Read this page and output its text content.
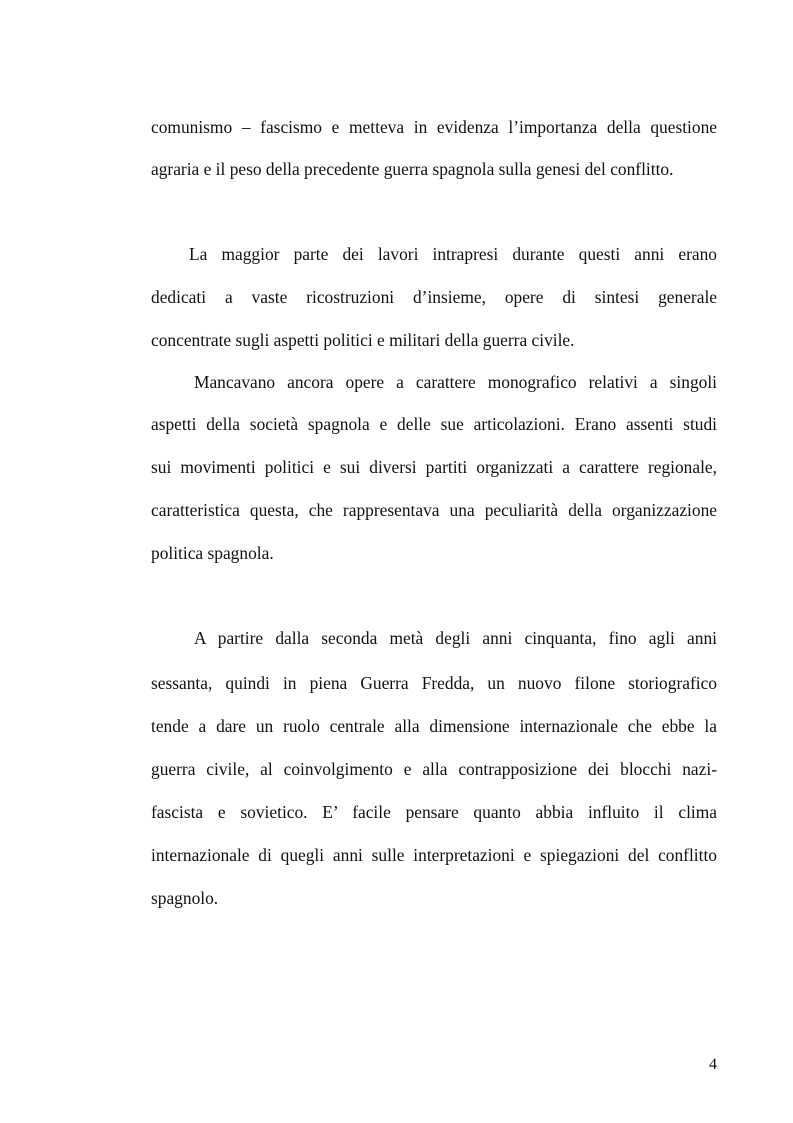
comunismo – fascismo e metteva in evidenza l’importanza della questione
agraria e il peso della precedente guerra spagnola sulla genesi del conflitto.
La maggior parte dei lavori intrapresi durante questi anni erano
dedicati a vaste ricostruzioni d’insieme, opere di sintesi generale
concentrate sugli aspetti politici e militari della guerra civile.
Mancavano ancora opere a carattere monografico relativi a singoli
aspetti della società spagnola e delle sue articolazioni. Erano assenti studi
sui movimenti politici e sui diversi partiti organizzati a carattere regionale,
caratteristica questa, che rappresentava una peculiarità della organizzazione
politica spagnola.
A partire dalla seconda metà degli anni cinquanta, fino agli anni
sessanta, quindi in piena Guerra Fredda, un nuovo filone storiografico
tende a dare un ruolo centrale alla dimensione internazionale che ebbe la
guerra civile, al coinvolgimento e alla contrapposizione dei blocchi nazi-
fascista e sovietico. E’ facile pensare quanto abbia influito il clima
internazionale di quegli anni sulle interpretazioni e spiegazioni del conflitto
spagnolo.
4
